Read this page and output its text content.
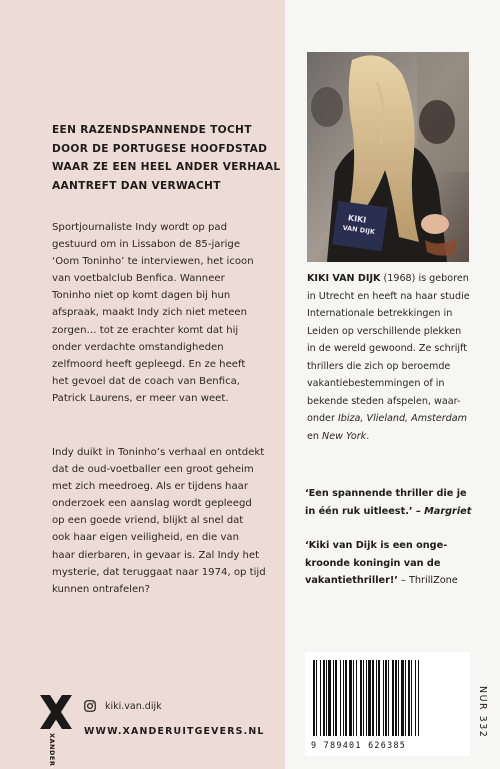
EEN RAZENDSPANNENDE TOCHT
DOOR DE PORTUGESE HOOFDSTAD
WAAR ZE EEN HEEL ANDER VERHAAL
AANTREFT DAN VERWACHT
Sportjournaliste Indy wordt op pad
gestuurd om in Lissabon de 85-jarige
‘Oom Toninho’ te interviewen, het icoon
van voetbalclub Benfica. Wanneer
Toninho niet op komt dagen bij hun
afspraak, maakt Indy zich niet meteen
zorgen… tot ze erachter komt dat hij
onder verdachte omstandigheden
zelfmoord heeft gepleegd. En ze heeft
het gevoel dat de coach van Benfica,
Patrick Laurens, er meer van weet.
Indy duikt in Toninho’s verhaal en ontdekt
dat de oud-voetballer een groot geheim
met zich meedroeg. Als er tijdens haar
onderzoek een aanslag wordt gepleegd
op een goede vriend, blijkt al snel dat
ook haar eigen veiligheid, en die van
haar dierbaren, in gevaar is. Zal Indy het
mysterie, dat teruggaat naar 1974, op tijd
kunnen ontrafelen?
XANDER
kiki.van.dijk
WWW.XANDERUITGEVERS.NL
KIKI
VAN DIJK
KIKI VAN DIJK (1968) is geboren
in Utrecht en heeft na haar studie
Internationale betrekkingen in
Leiden op verschillende plekken
in de wereld gewoond. Ze schrijft
thrillers die zich op beroemde
vakantiebestemmingen of in
bekende steden afspelen, waar-
onder Ibiza, Vlieland, Amsterdam
en New York.
‘Een spannende thriller die je
in één ruk uitleest.’ – Margriet
‘Kiki van Dijk is een onge-
kroonde koningin van de
vakantiethriller!’ – ThrillZone
9 789401 626385
NUR 332
